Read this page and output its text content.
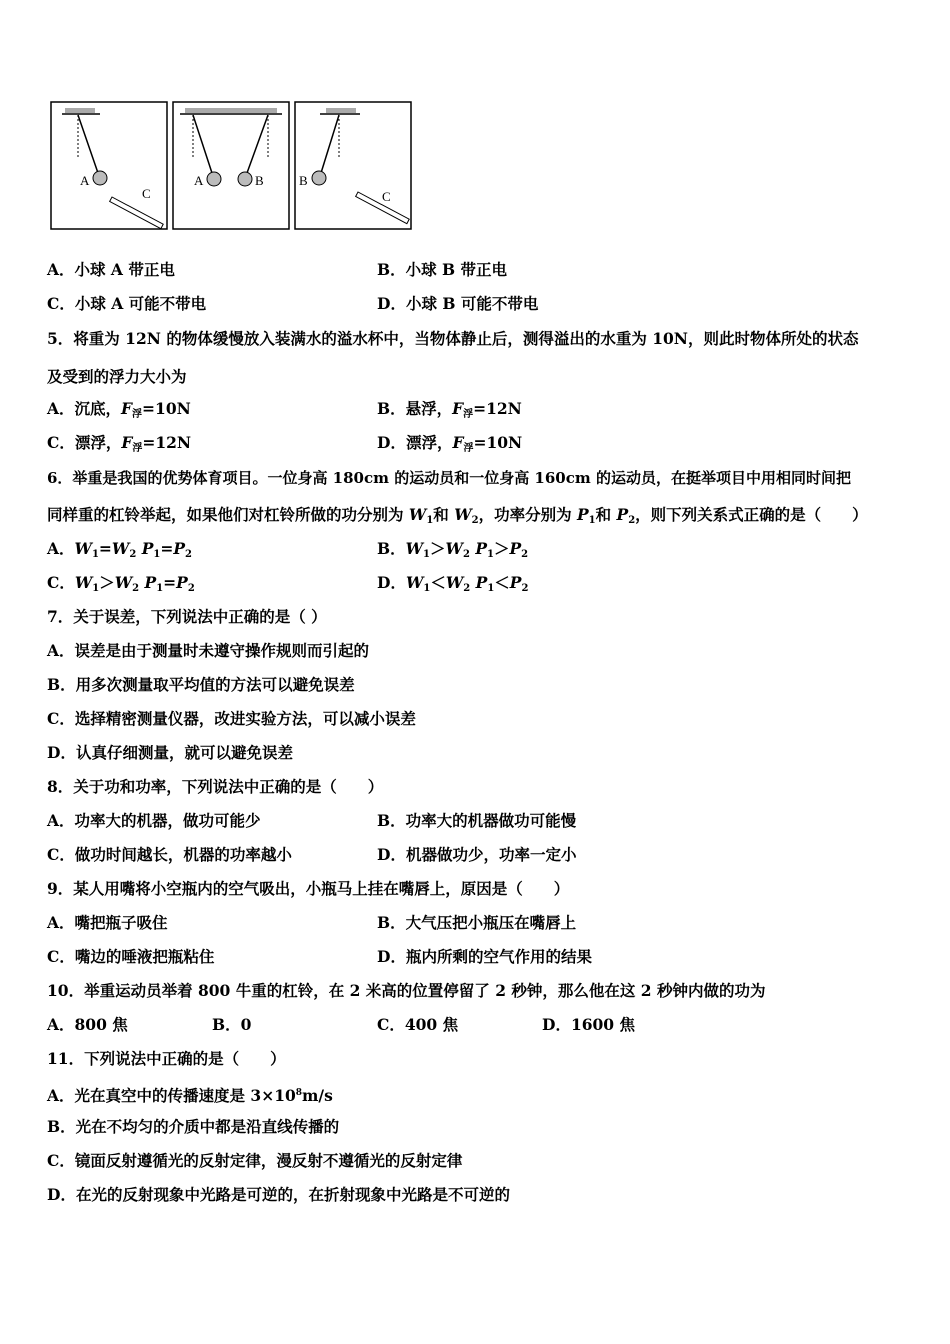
A
C
A	B	B
C
A．小球 A 带正电	B．小球 B 带正电
C．小球 A 可能不带电	D．小球 B 可能不带电
5．将重为 12N 的物体缓慢放入装满水的溢水杯中，当物体静止后，测得溢出的水重为 10N，则此时物体所处的状态
及受到的浮力大小为
A．沉底，$F_浮=10N$	B．悬浮，$F_浮=12N$
C．漂浮，$F_浮=12N$	D．漂浮，$F_浮=10N$
6．举重是我国的优势体育项目。一位身高 180cm 的运动员和一位身高 160cm 的运动员，在挺举项目中用相同时间把
同样重的杠铃举起，如果他们对杠铃所做的功分别为 $W_1$和 $W_2$，功率分别为 $P_1$和 $P_2$，则下列关系式正确的是（　　）
A．$W_1=W_2$ $P_1=P_2$	B．$W_1>W_2$ $P_1>P_2$
C．$W_1>W_2$ $P_1=P_2$	D．$W_1<W_2$ $P_1<P_2$
7．关于误差，下列说法中正确的是（ ）
A．误差是由于测量时未遵守操作规则而引起的
B．用多次测量取平均值的方法可以避免误差
C．选择精密测量仪器，改进实验方法，可以减小误差
D．认真仔细测量，就可以避免误差
8．关于功和功率，下列说法中正确的是（　　）
A．功率大的机器，做功可能少	B．功率大的机器做功可能慢
C．做功时间越长，机器的功率越小	D．机器做功少，功率一定小
9．某人用嘴将小空瓶内的空气吸出，小瓶马上挂在嘴唇上，原因是（　　）
A．嘴把瓶子吸住	B．大气压把小瓶压在嘴唇上
C．嘴边的唾液把瓶粘住	D．瓶内所剩的空气作用的结果
10．举重运动员举着 800 牛重的杠铃，在 2 米高的位置停留了 2 秒钟，那么他在这 2 秒钟内做的功为
A．800 焦	B．0	C．400 焦	D．1600 焦
11．下列说法中正确的是（　　）
A．光在真空中的传播速度是 $3\times 10^8m/s$
B．光在不均匀的介质中都是沿直线传播的
C．镜面反射遵循光的反射定律，漫反射不遵循光的反射定律
D．在光的反射现象中光路是可逆的，在折射现象中光路是不可逆的
